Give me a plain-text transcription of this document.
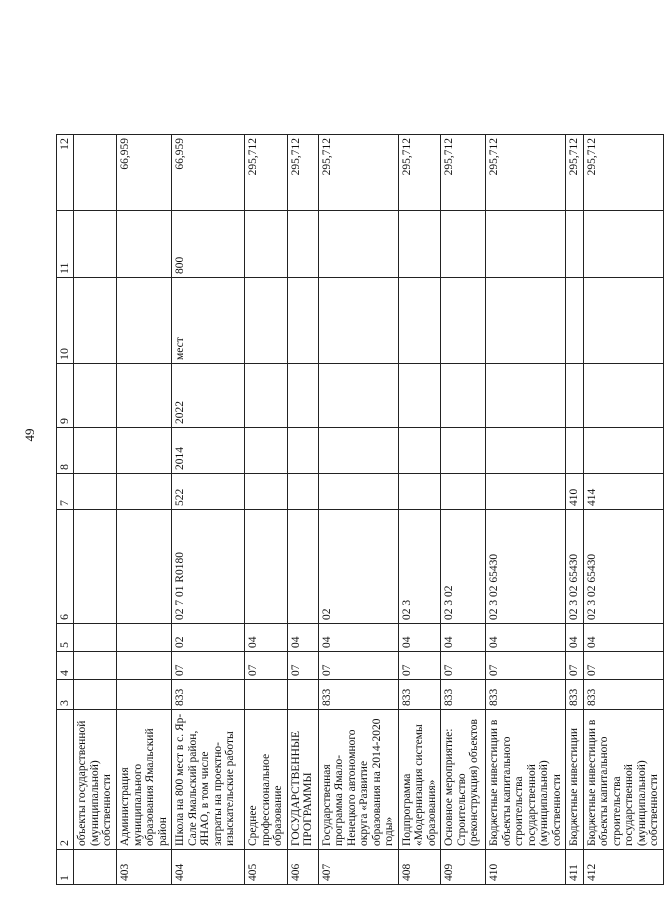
49
1	2	3	4	5	6	7	8	9	10	11	12
	объекты государственной (муниципальной) собственности										
403	Администрация муниципального образования Ямальский район										66,959
404	Школа на 800 мест в с. Яр-Сале Ямальский район, ЯНАО, в том числе затраты на проектно-изыскательские работы	833	07	02	02 7 01 R0180	522	2014	2022	мест	800	66,959
405	Среднее профессиональное образование		07	04							295,712
406	ГОСУДАРСТВЕННЫЕ ПРОГРАММЫ		07	04							295,712
407	Государственная программа Ямало-Ненецкого автономного округа «Развитие образования на 2014-2020 годы»	833	07	04	02						295,712
408	Подпрограмма «Модернизация системы образования»	833	07	04	02 3						295,712
409	Основное мероприятие: Строительство (реконструкция) объектов	833	07	04	02 3 02						295,712
410	Бюджетные инвестиции в объекты капитального строительства государственной (муниципальной) собственности	833	07	04	02 3 02 65430						295,712
411	Бюджетные инвестиции	833	07	04	02 3 02 65430	410					295,712
412	Бюджетные инвестиции в объекты капитального строительства государственной (муниципальной) собственности	833	07	04	02 3 02 65430	414					295,712
